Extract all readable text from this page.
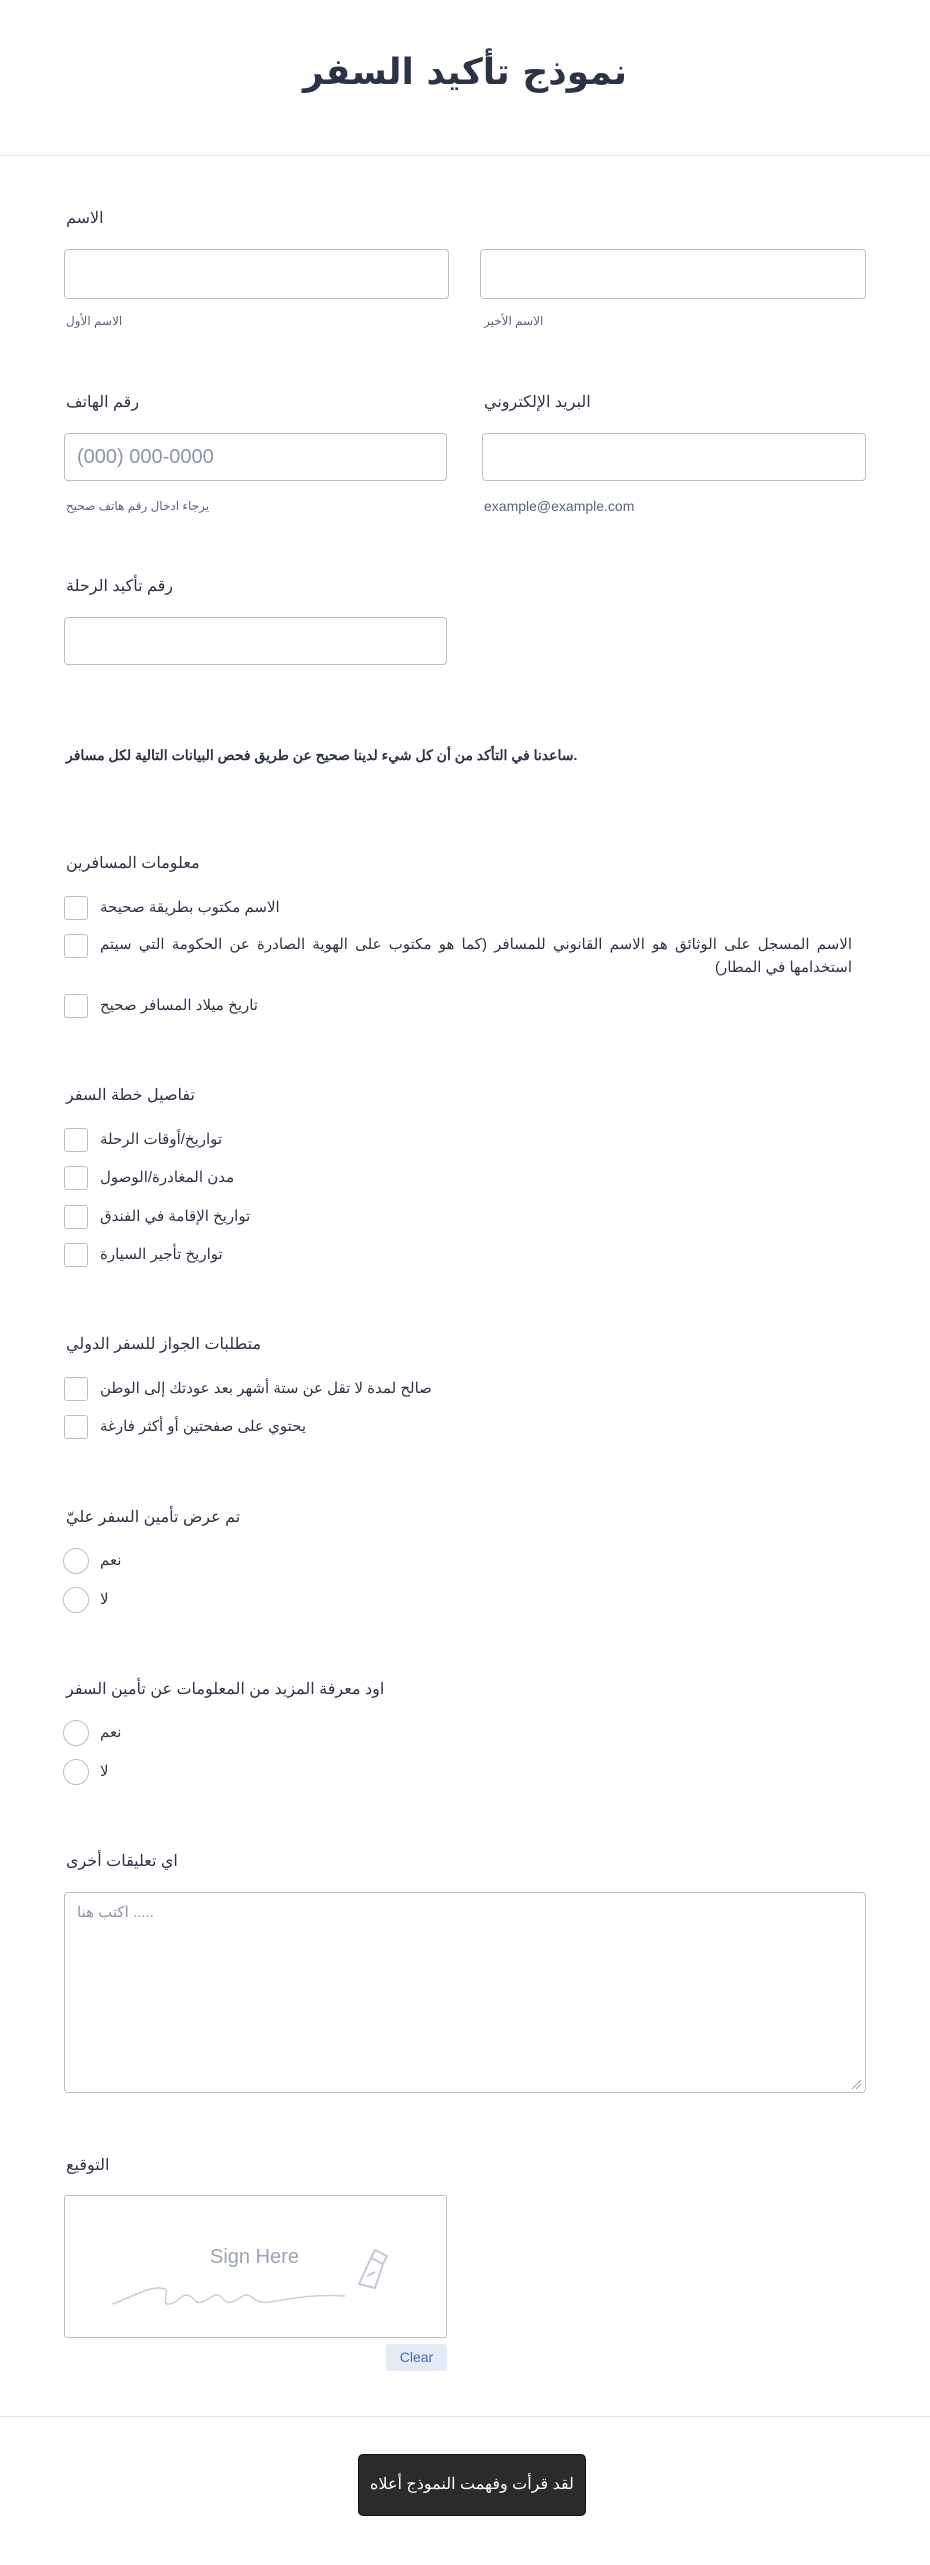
نموذج تأكيد السفر
الاسم
الاسم الأول	الاسم الأخير
رقم الهاتف	البريد الإلكتروني
(000) 000-0000
يرجاء ادخال رقم هاتف صحيح	example@example.com
رقم تأكيد الرحلة
ساعدنا في التأكد من أن كل شيء لدينا صحيح عن طريق فحص البيانات التالية لكل مسافر.
معلومات المسافرين
الاسم مكتوب بطريقة صحيحة
الاسم المسجل على الوثائق هو الاسم القانوني للمسافر (كما هو مكتوب على الهوية الصادرة عن الحكومة التي سيتم استخدامها في المطار)
تاريخ ميلاد المسافر صحيح
تفاصيل خطة السفر
تواريخ/أوقات الرحلة
مدن المغادرة/الوصول
تواريخ الإقامة في الفندق
تواريخ تأجير السيارة
متطلبات الجواز للسفر الدولي
صالح لمدة لا تقل عن ستة أشهر بعد عودتك إلى الوطن
يحتوي على صفحتين أو أكثر فارغة
تم عرض تأمين السفر عليّ
نعم
لا
اود معرفة المزيد من المعلومات عن تأمين السفر
نعم
لا
اي تعليقات أخرى
اكتب هنا .....
التوقيع
Sign Here
Clear
لقد قرأت وفهمت النموذج أعلاه
